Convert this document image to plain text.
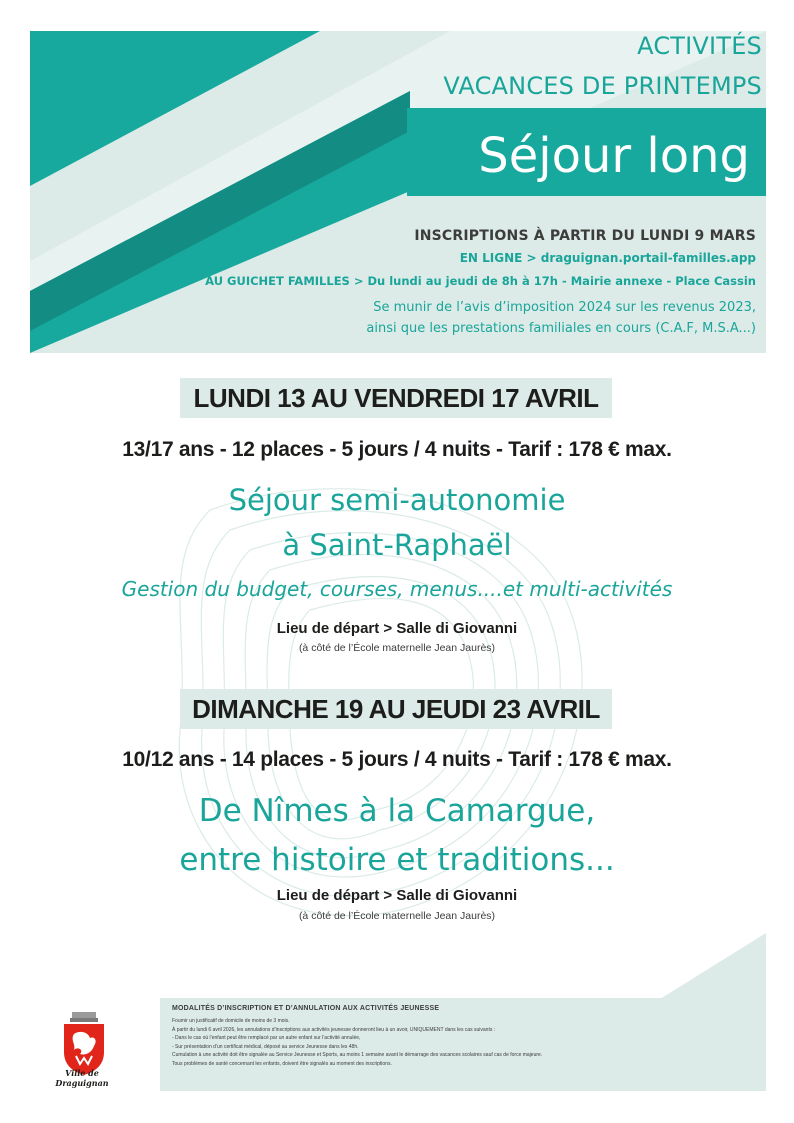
ACTIVITÉS
VACANCES DE PRINTEMPS
Séjour long
INSCRIPTIONS À PARTIR DU LUNDI 9 MARS
EN LIGNE > draguignan.portail-familles.app
AU GUICHET FAMILLES > Du lundi au jeudi de 8h à 17h - Mairie annexe - Place Cassin
Se munir de l’avis d’imposition 2024 sur les revenus 2023,
ainsi que les prestations familiales en cours (C.A.F, M.S.A...)
LUNDI 13 AU VENDREDI 17 AVRIL
13/17 ans - 12 places - 5 jours / 4 nuits - Tarif : 178 € max.
Séjour semi-autonomie
à Saint-Raphaël
Gestion du budget, courses, menus....et multi-activités
Lieu de départ > Salle di Giovanni
(à côté de l’École maternelle Jean Jaurès)
DIMANCHE 19 AU JEUDI 23 AVRIL
10/12 ans - 14 places - 5 jours / 4 nuits - Tarif : 178 € max.
De Nîmes à la Camargue,
entre histoire et traditions...
Lieu de départ > Salle di Giovanni
(à côté de l’École maternelle Jean Jaurès)
MODALITÉS D’INSCRIPTION ET D’ANNULATION AUX ACTIVITÉS JEUNESSE
Fournir un justificatif de domicile de moins de 3 mois.
À partir du lundi 6 avril 2026, les annulations d’inscriptions aux activités jeunesse donneront lieu à un avoir, UNIQUEMENT dans les cas suivants :
- Dans le cas où l’enfant peut être remplacé par un autre enfant sur l’activité annulée,
- Sur présentation d’un certificat médical, déposé au service Jeunesse dans les 48h.
Cumulation à une activité doit être signalée au Service Jeunesse et Sports, au moins 1 semaine avant le démarrage des vacances scolaires sauf cas de force majeure.
Tous problèmes de santé concernant les enfants, doivent être signalés au moment des inscriptions.
Ville de Draguignan
